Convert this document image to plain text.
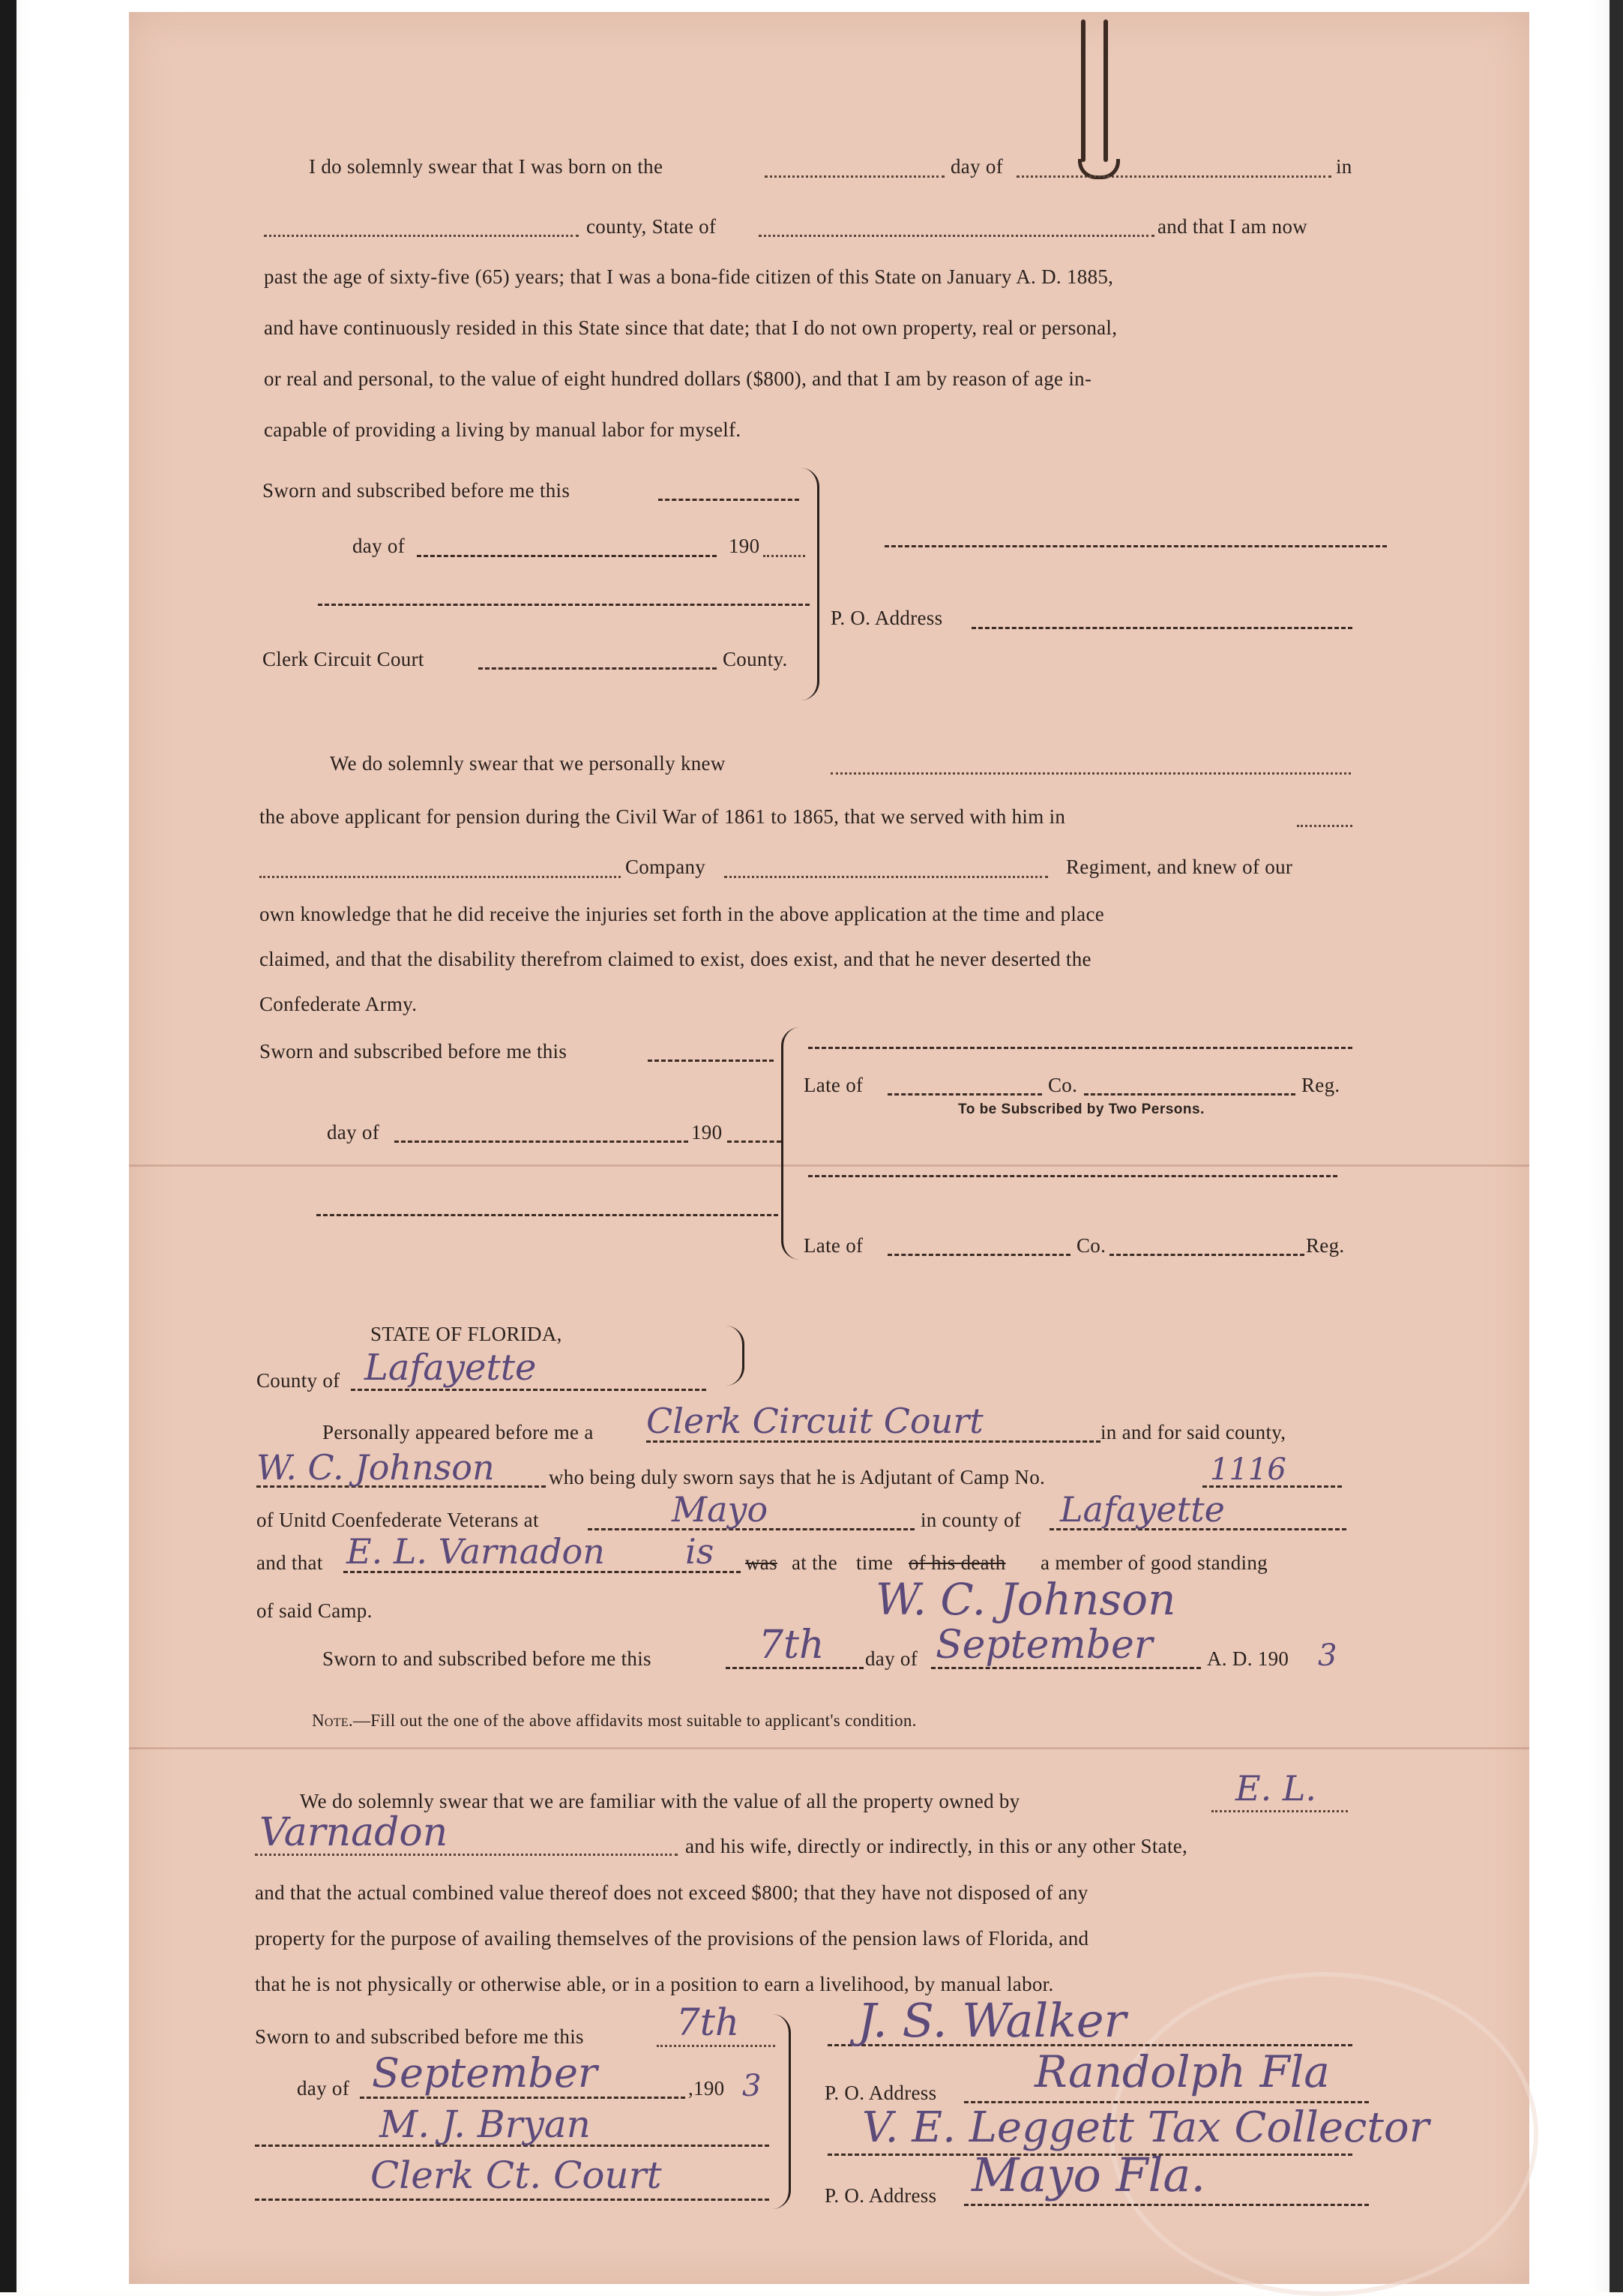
I do solemnly swear that I was born on the	day of	in
county, State of	and that I am now
past the age of sixty-five (65) years; that I was a bona-fide citizen of this State on January A. D. 1885,
and have continuously resided in this State since that date; that I do not own property, real or personal,
or real and personal, to the value of eight hundred dollars ($800), and that I am by reason of age in-
capable of providing a living by manual labor for myself.
Sworn and subscribed before me this
day of	190
Clerk Circuit Court	County.
P. O. Address
We do solemnly swear that we personally knew
the above applicant for pension during the Civil War of 1861 to 1865, that we served with him in
Company	Regiment, and knew of our
own knowledge that he did receive the injuries set forth in the above application at the time and place
claimed, and that the disability therefrom claimed to exist, does exist, and that he never deserted the
Confederate Army.
Sworn and subscribed before me this
day of	190
Late of	Co.	Reg.
To be Subscribed by Two Persons.
Late of	Co.	Reg.
STATE OF FLORIDA,
County of Lafayette
Personally appeared before me a Clerk Circuit Court	in and for said county,
W. C. Johnson	who being duly sworn says that he is Adjutant of Camp No.	1116
of Unitd Coenfederate Veterans at	Mayo	in county of Lafayette
and that E. L. Varnadon is was at the time of his death a member of good standing
of said Camp.	W. C. Johnson
Sworn to and subscribed before me this	7th day of September	A. D. 190 3
Note.—Fill out the one of the above affidavits most suitable to applicant's condition.
We do solemnly swear that we are familiar with the value of all the property owned by	E. L.
Varnadon	and his wife, directly or indirectly, in this or any other State,
and that the actual combined value thereof does not exceed $800; that they have not disposed of any
property for the purpose of availing themselves of the provisions of the pension laws of Florida, and
that he is not physically or otherwise able, or in a position to earn a livelihood, by manual labor.
Sworn to and subscribed before me this 7th
day of September	,190 3
M. J. Bryan
Clerk Ct. Court
J. S. Walker
P. O. Address Randolph Fla
V. E. Leggett Tax Collector
P. O. Address Mayo Fla.
